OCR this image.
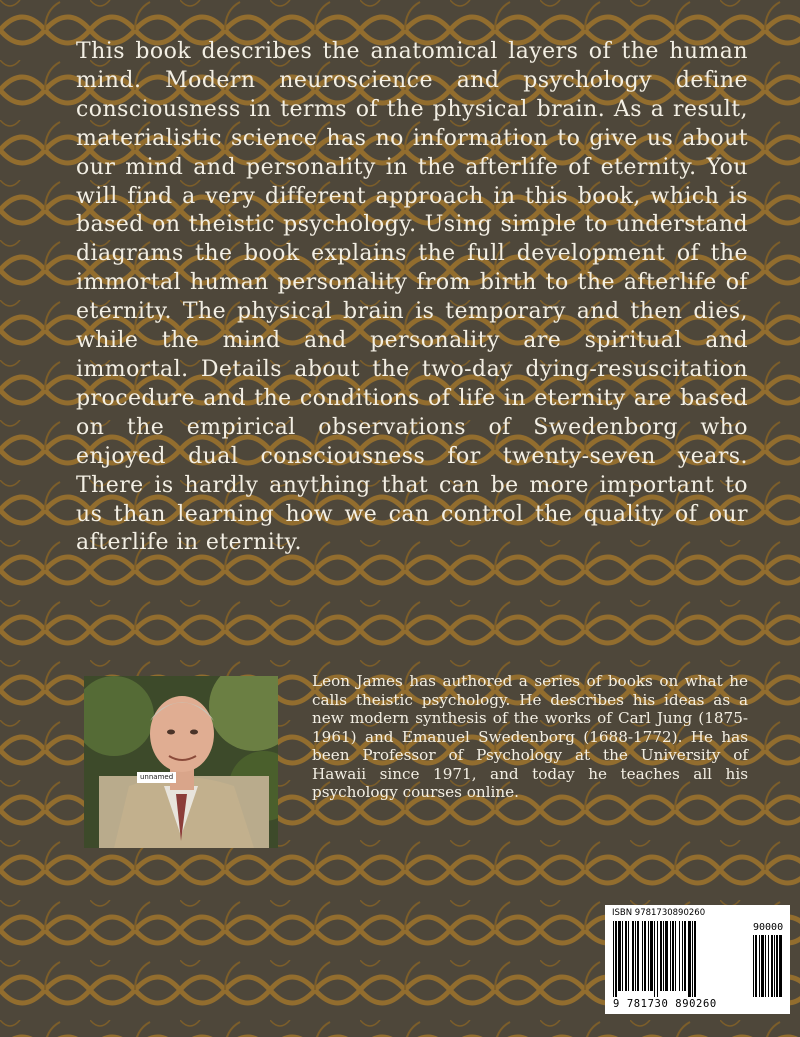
This book describes the anatomical layers of the human mind. Modern neuroscience and psychology define consciousness in terms of the physical brain. As a result, materialistic science has no information to give us about our mind and personality in the afterlife of eternity. You will find a very different approach in this book, which is based on theistic psychology. Using simple to understand diagrams the book explains the full development of the immortal human personality from birth to the afterlife of eternity. The physical brain is temporary and then dies, while the mind and personality are spiritual and immortal. Details about the two-day dying-resuscitation procedure and the conditions of life in eternity are based on the empirical observations of Swedenborg who enjoyed dual consciousness for twenty-seven years. There is hardly anything that can be more important to us than learning how we can control the quality of our afterlife in eternity.

unnamed

Leon James has authored a series of books on what he calls theistic psychology. He describes his ideas as a new modern synthesis of the works of Carl Jung (1875-1961) and Emanuel Swedenborg (1688-1772). He has been Professor of Psychology at the University of Hawaii since 1971, and today he teaches all his psychology courses online.

ISBN 9781730890260
9 781730 890260
90000
